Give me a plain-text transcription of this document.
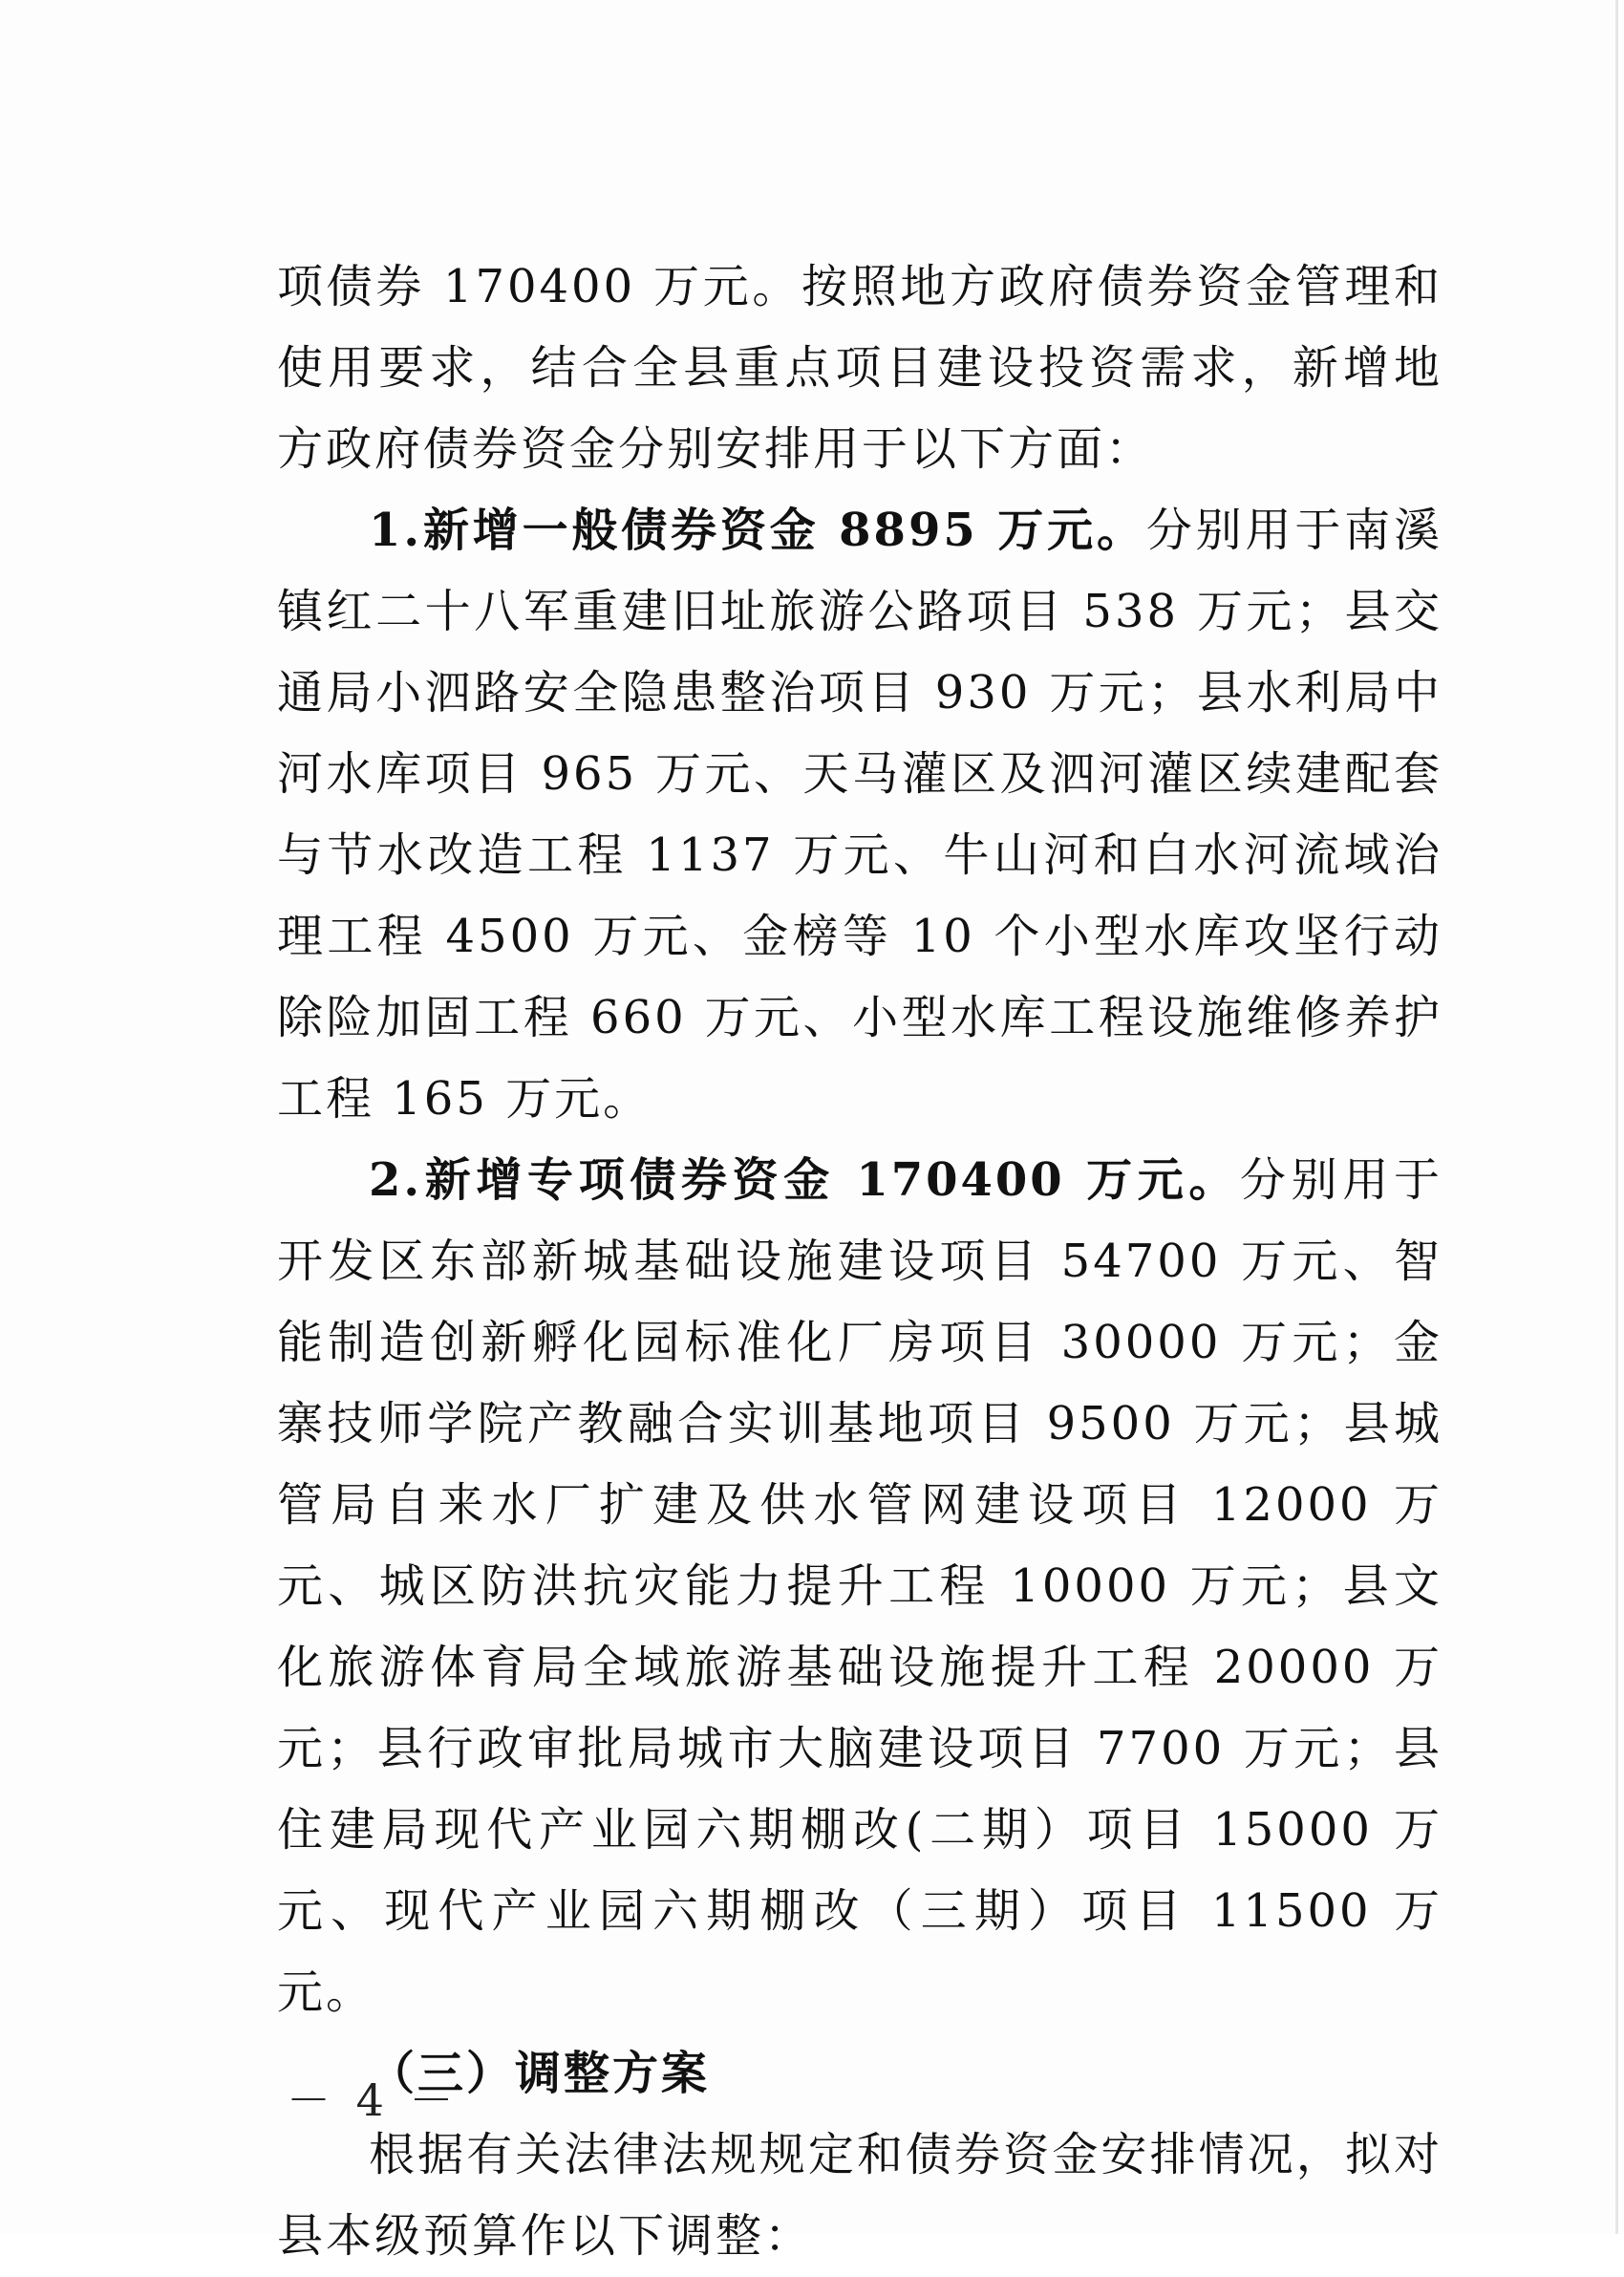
项债券 170400 万元。按照地方政府债券资金管理和使用要求，结合全县重点项目建设投资需求，新增地方政府债券资金分别安排用于以下方面：

1.新增一般债券资金 8895 万元。分别用于南溪镇红二十八军重建旧址旅游公路项目 538 万元；县交通局小泗路安全隐患整治项目 930 万元；县水利局中河水库项目 965 万元、天马灌区及泗河灌区续建配套与节水改造工程 1137 万元、牛山河和白水河流域治理工程 4500 万元、金榜等 10 个小型水库攻坚行动除险加固工程 660 万元、小型水库工程设施维修养护工程 165 万元。

2.新增专项债券资金 170400 万元。分别用于开发区东部新城基础设施建设项目 54700 万元、智能制造创新孵化园标准化厂房项目 30000 万元；金寨技师学院产教融合实训基地项目 9500 万元；县城管局自来水厂扩建及供水管网建设项目 12000 万元、城区防洪抗灾能力提升工程 10000 万元；县文化旅游体育局全域旅游基础设施提升工程 20000 万元；县行政审批局城市大脑建设项目 7700 万元；县住建局现代产业园六期棚改(二期）项目 15000 万元、现代产业园六期棚改（三期）项目 11500 万元。

（三）调整方案

根据有关法律法规规定和债券资金安排情况，拟对县本级预算作以下调整：

－ 4 －
